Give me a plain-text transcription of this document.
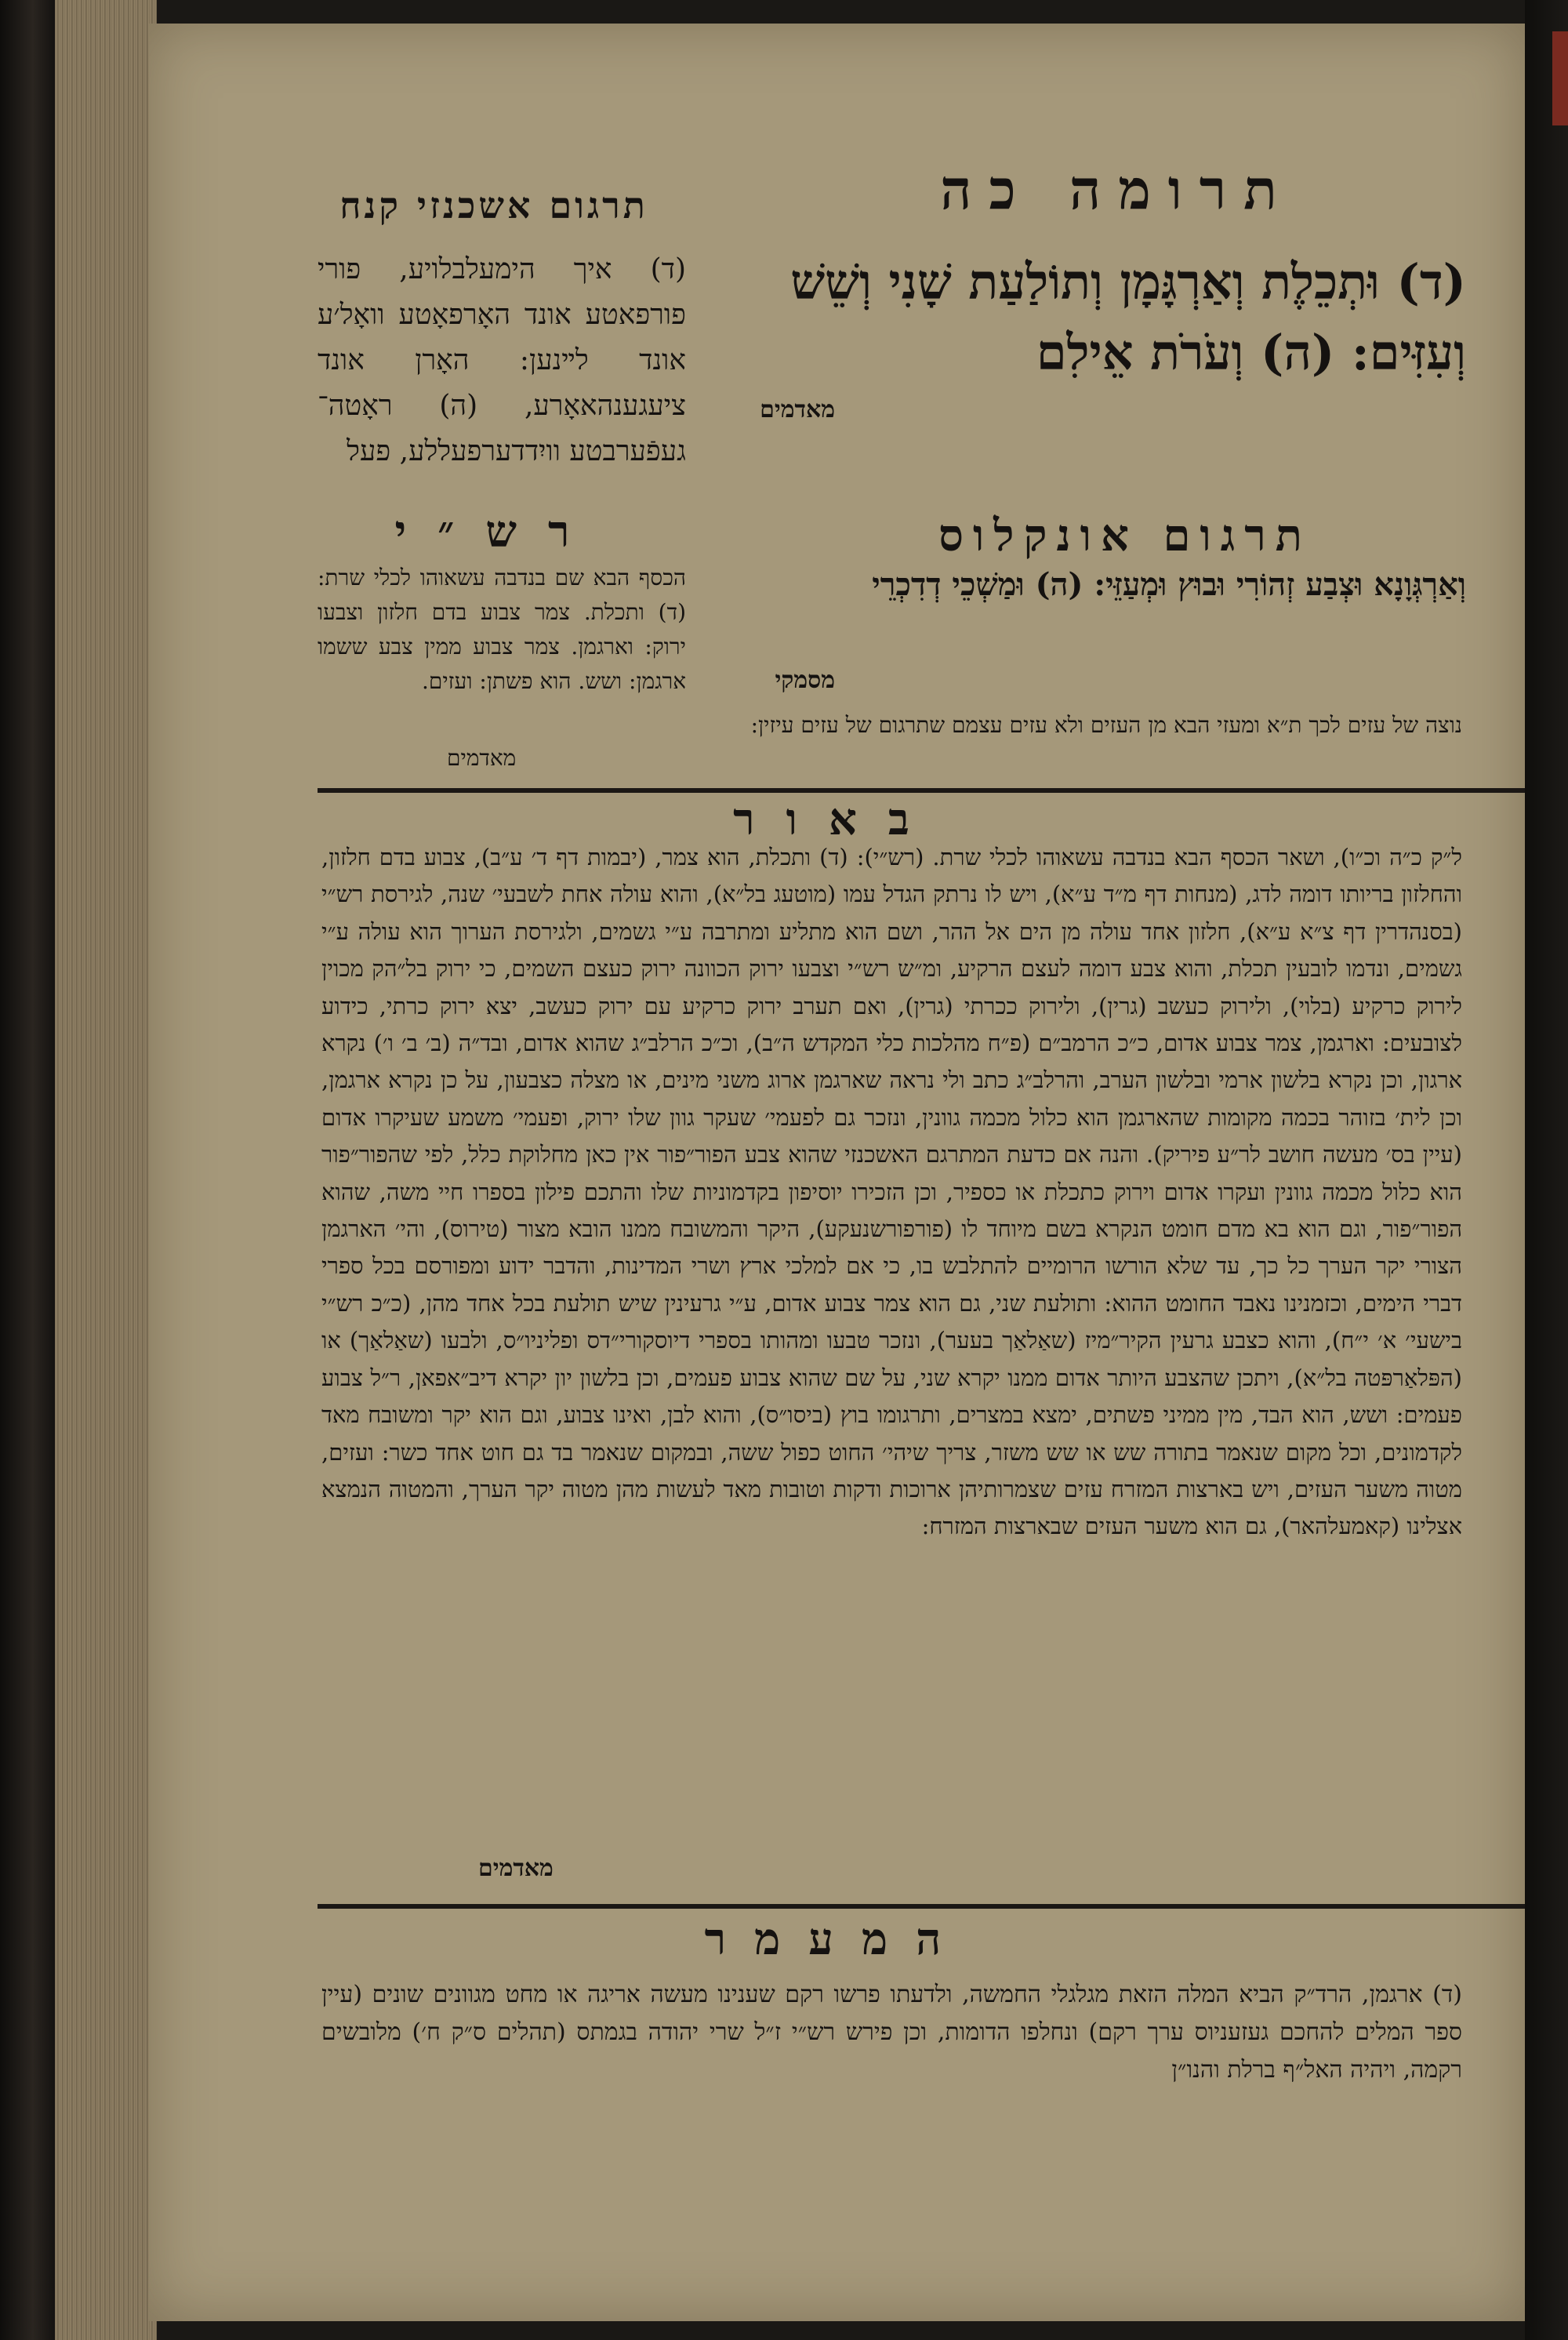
תרומה כה
(ד) וּתְכֵלֶת וְאַרְגָּמָן וְתוֹלַעַת שָׁנִי וְשֵׁשׁ וְעִזִּים: (ה) וְעֹרֹת אֵילִם
מאדמים
תרגום אשכנזי קנח
(ד) איך הימעלבלויע, פורי פורפאטע אונד האָרפאָטע וואָל׳ע אונד לײנען: האָרן אונד ציעגענהאאָרע, (ה) ראָטה־ געפֿערבטע וויִדדערפעללע, פעל
תרגום אונקלוס
וְאַרְגְּוָנָא וּצְבַע זְהוֹרִי וּבוּץ וּמְעַזֵּי: (ה) וּמַשְׁכֵי דְדִכְרֵי
מסמקי
רש״י
הכסף הבא שם בנדבה עשאוהו לכלי שרת: (ד) ותכלת. צמר צבוע בדם חלזון וצבעו ירוק: וארגמן. צמר צבוע ממין צבע ששמו ארגמן: ושש. הוא פשתן: ועזים.
נוצה של עזים לכך ת״א ומעזי הבא מן העזים ולא עזים עצמם שתרגום של עזים עיזין:
מאדמים
באור
ל״ק כ״ה וכ״ו), ושאר הכסף הבא בנדבה עשאוהו לכלי שרת. (רש״י): (ד) ותכלת, הוא צמר, (יבמות דף ד׳ ע״ב), צבוע בדם חלזון, והחלזון בריותו דומה לדג, (מנחות דף מ״ד ע״א), ויש לו נרתק הגדל עמו (מוטעג בל״א), והוא עולה אחת לשבעי׳ שנה, לגירסת רש״י (בסנהדרין דף צ״א ע״א), חלזון אחד עולה מן הים אל ההר, ושם הוא מתליע ומתרבה ע״י גשמים, ולגירסת הערוך הוא עולה ע״י גשמים, ונדמו לובעין תכלת, והוא צבע דומה לעצם הרקיע, ומ״ש רש״י וצבעו ירוק הכוונה ירוק כעצם השמים, כי ירוק בל״הק מכוין לירוק כרקיע (בלוי), ולירוק כעשב (גרין), ולירוק ככרתי (גרין), ואם תערב ירוק כרקיע עם ירוק כעשב, יצא ירוק כרתי, כידוע לצובעים: וארגמן, צמר צבוע אדום, כ״כ הרמב״ם (פ״ח מהלכות כלי המקדש ה״ב), וכ״כ הרלב״ג שהוא אדום, ובד״ה (ב׳ ב׳ ו׳) נקרא ארגון, וכן נקרא בלשון ארמי ובלשון הערב, והרלב״ג כתב ולי נראה שארגמן ארוג משני מינים, או מצלה כצבעון, על כן נקרא ארגמן, וכן לית׳ בזוהר בכמה מקומות שהארגמן הוא כלול מכמה גוונין, ונזכר גם לפעמי׳ שעקר גוון שלו ירוק, ופעמי׳ משמע שעיקרו אדום (עיין בס׳ מעשה חושב לר״ע פיריק). והנה אם כדעת המתרגם האשכנזי שהוא צבע הפור״פור אין כאן מחלוקת כלל, לפי שהפור״פור הוא כלול מכמה גוונין ועקרו אדום וירוק כתכלת או כספיר, וכן הזכירו יוסיפון בקדמוניות שלו והתכם פילון בספרו חיי משה, שהוא הפור״פור, וגם הוא בא מדם חומט הנקרא בשם מיוחד לו (פורפורשנעקע), היקר והמשובח ממנו הובא מצור (טירוס), והי׳ הארגמן הצורי יקר הערך כל כך, עד שלא הורשו הרומיים להתלבש בו, כי אם למלכי ארץ ושרי המדינות, והדבר ידוע ומפורסם בכל ספרי דברי הימים, וכזמנינו נאבד החומט ההוא: ותולעת שני, גם הוא צמר צבוע אדום, ע״י גרעינין שיש תולעת בכל אחד מהן, (כ״כ רש״י בישעי׳ א׳ י״ח), והוא כצבע גרעין הקיר״מיז (שאַלאַך בעער), ונזכר טבעו ומהותו בספרי דיוסקורי״דס ופליניו״ס, ולבעו (שאַלאַך) או (הפּלאַרפּטה בל״א), ויתכן שהצבע היותר אדום ממנו יקרא שני, על שם שהוא צבוע פעמים, וכן בלשון יון יקרא דיב״אפאן, ר״ל צבוע פעמים: ושש, הוא הבד, מין ממיני פשתים, ימצא במצרים, ותרגומו בוץ (ביסו״ס), והוא לבן, ואינו צבוע, וגם הוא יקר ומשובח מאד לקדמונים, וכל מקום שנאמר בתורה שש או שש משזר, צריך שיהי׳ החוט כפול ששה, ובמקום שנאמר בד גם חוט אחד כשר: ועזים, מטוה משער העזים, ויש בארצות המזרח עזים שצמרותיהן ארוכות ודקות וטובות מאד לעשות מהן מטוה יקר הערך, והמטוה הנמצא אצלינו (קאמעלהאר), גם הוא משער העזים שבארצות המזרח:
מאדמים
המעמר
(ד) ארגמן, הרד״ק הביא המלה הזאת מגלגלי החמשה, ולדעתו פרשו רקם שענינו מעשה אריגה או מחט מגוונים שונים (עיין ספר המלים להחכם געזעניוס ערך רקם) ונחלפו הדומות, וכן פירש רש״י ז״ל שרי יהודה בגמתס (תהלים ס״ק ח׳) מלובשים רקמה, ויהיה האל״ף ברלת והנו״ן
